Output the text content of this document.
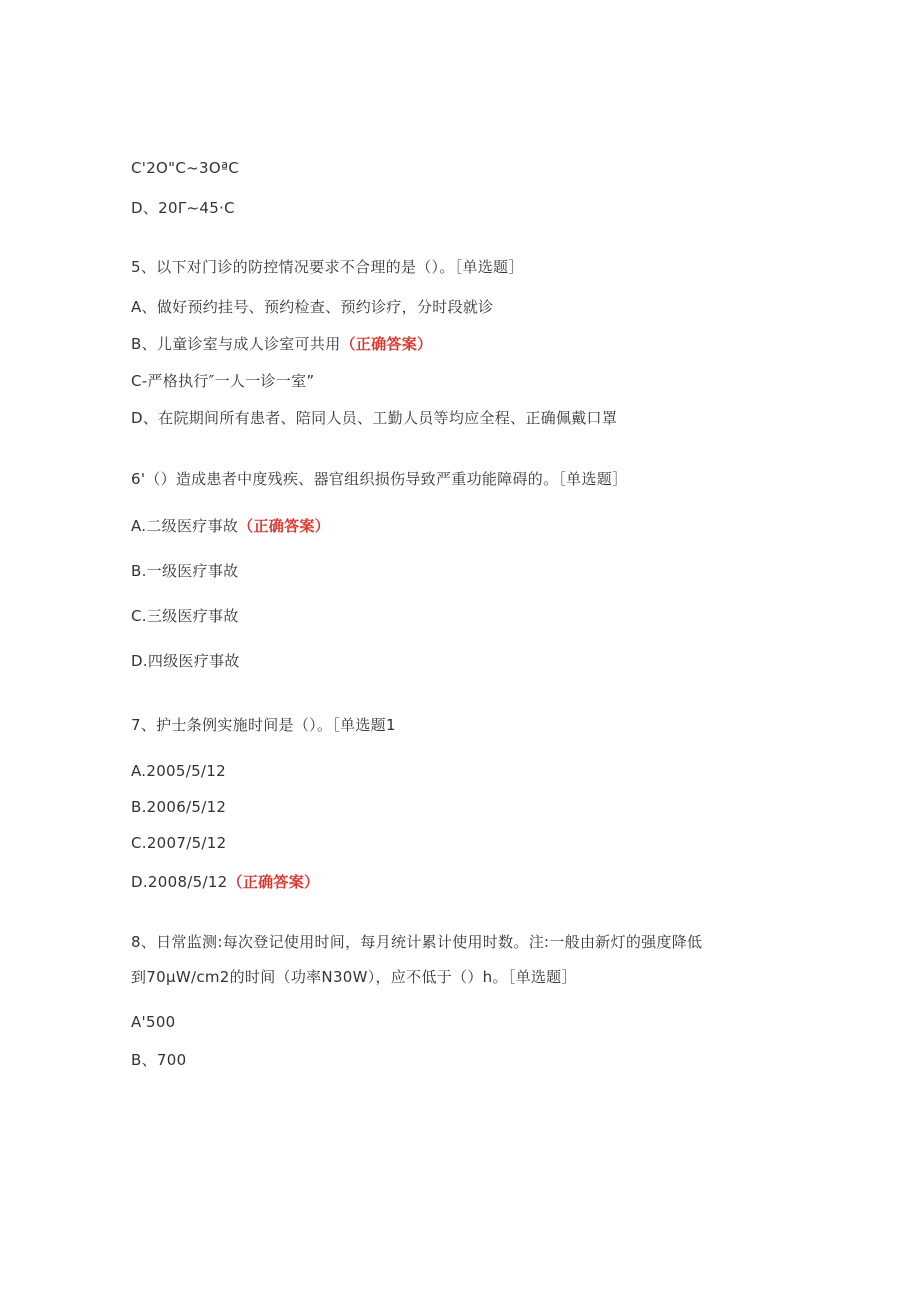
C'2O"C~3OªC
D、20Γ~45·C
5、以下对门诊的防控情况要求不合理的是（）。［单选题］
A、做好预约挂号、预约检查、预约诊疗，分时段就诊
B、儿童诊室与成人诊室可共用（正确答案）
C-严格执行″一人一诊一室”
D、在院期间所有患者、陪同人员、工勤人员等均应全程、正确佩戴口罩
6'（）造成患者中度残疾、器官组织损伤导致严重功能障碍的。［单选题］
A.二级医疗事故（正确答案）
B.一级医疗事故
C.三级医疗事故
D.四级医疗事故
7、护士条例实施时间是（）。［单选题1
A.2005/5/12
B.2006/5/12
C.2007/5/12
D.2008/5/12（正确答案）
8、日常监测:每次登记使用时间，每月统计累计使用时数。注:一般由新灯的强度降低
到70μW∕cm2的时间（功率N30W），应不低于（）h。［单选题］
A'500
B、700
